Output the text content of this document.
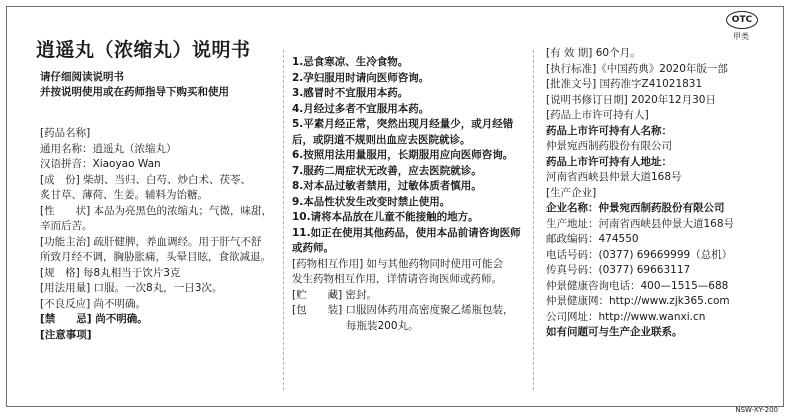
OTC
甲类
逍遥丸（浓缩丸）说明书
请仔细阅读说明书
并按说明使用或在药师指导下购买和使用
[药品名称]
通用名称：逍遥丸（浓缩丸）
汉语拼音：Xiaoyao Wan
[成　份] 柴胡、当归、白芍、炒白术、茯苓、
炙甘草、薄荷、生姜。辅料为饴糖。
[性　　状] 本品为亮黑色的浓缩丸；气微，味甜，
辛而后苦。
[功能主治] 疏肝健脾，养血调经。用于肝气不舒
所致月经不调，胸胁胀痛，头晕目眩，食欲减退。
[规　格] 每8丸相当于饮片3克
[用法用量] 口服。一次8丸，一日3次。
[不良反应] 尚不明确。
[禁　　忌] 尚不明确。
[注意事项]
1.忌食寒凉、生冷食物。
2.孕妇服用时请向医师咨询。
3.感冒时不宜服用本药。
4.月经过多者不宜服用本药。
5.平素月经正常，突然出现月经量少，或月经错
后，或阴道不规则出血应去医院就诊。
6.按照用法用量服用，长期服用应向医师咨询。
7.服药二周症状无改善，应去医院就诊。
8.对本品过敏者禁用，过敏体质者慎用。
9.本品性状发生改变时禁止使用。
10.请将本品放在儿童不能接触的地方。
11.如正在使用其他药品，使用本品前请咨询医师
或药师。
[药物相互作用] 如与其他药物同时使用可能会
发生药物相互作用，详情请咨询医师或药师。
[贮　　藏] 密封。
[包　　装] 口服固体药用高密度聚乙烯瓶包装，
每瓶装200丸。
[有 效 期] 60个月。
[执行标准]《中国药典》2020年版一部
[批准文号] 国药准字Z41021831
[说明书修订日期] 2020年12月30日
[药品上市许可持有人]
药品上市许可持有人名称：
仲景宛西制药股份有限公司
药品上市许可持有人地址：
河南省西峡县仲景大道168号
[生产企业]
企业名称：仲景宛西制药股份有限公司
生产地址：河南省西峡县仲景大道168号
邮政编码：474550
电话号码：(0377) 69669999（总机）
传真号码：(0377) 69663117
仲景健康咨询电话：400—1515—688
仲景健康网：http://www.zjk365.com
公司网址：http://www.wanxi.cn
如有问题可与生产企业联系。
NSW-XY-200
